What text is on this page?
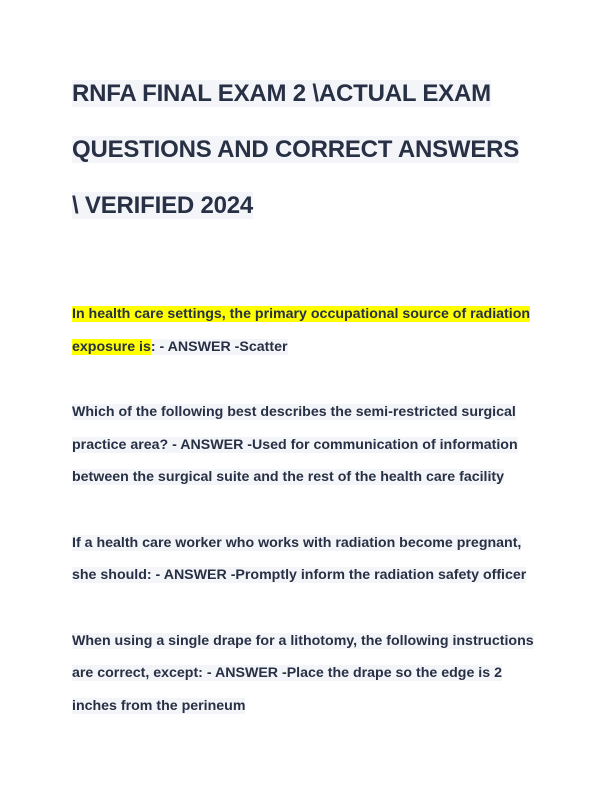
RNFA FINAL EXAM 2 \ACTUAL EXAM
QUESTIONS AND CORRECT ANSWERS
\ VERIFIED 2024

In health care settings, the primary occupational source of radiation exposure is: - ANSWER -Scatter

Which of the following best describes the semi-restricted surgical practice area? - ANSWER -Used for communication of information between the surgical suite and the rest of the health care facility

If a health care worker who works with radiation become pregnant, she should: - ANSWER -Promptly inform the radiation safety officer

When using a single drape for a lithotomy, the following instructions are correct, except: - ANSWER -Place the drape so the edge is 2 inches from the perineum
